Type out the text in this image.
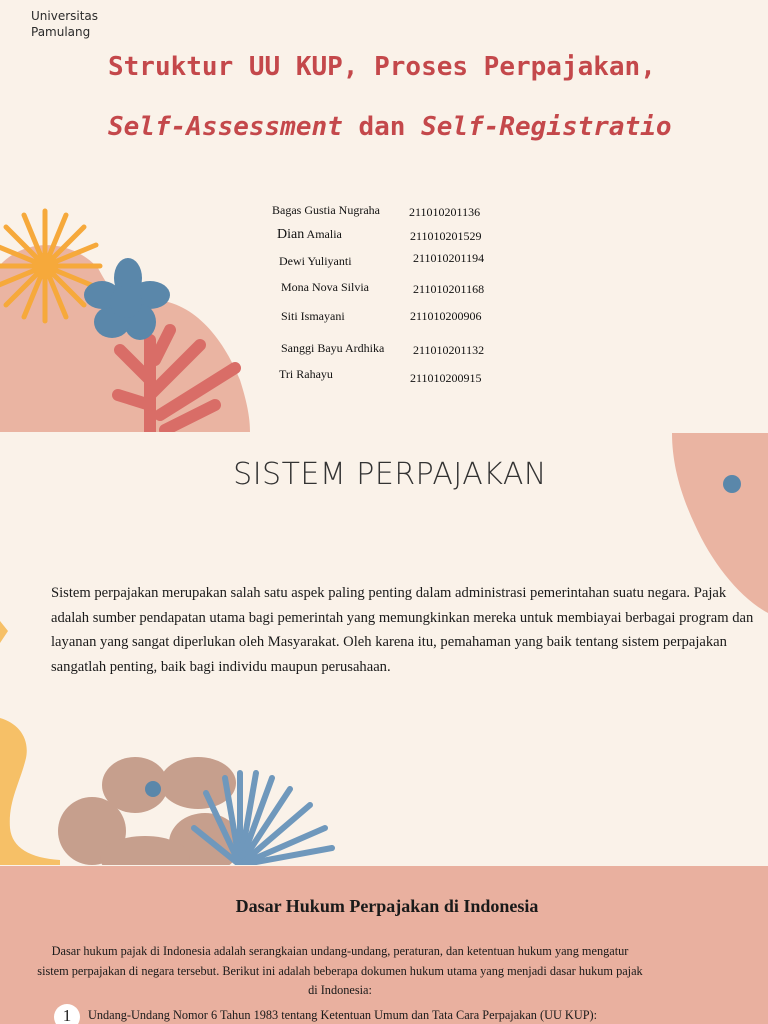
Universitas Pamulang
Struktur UU KUP, Proses Perpajakan,
Self-Assessment dan Self-Registratio
Bagas Gustia Nugraha 211010201136
Dian Amalia	211010201529
Dewi Yuliyanti	211010201194
Mona Nova Silvia	211010201168
Siti Ismayani	211010200906
Sanggi Bayu Ardhika 211010201132
Tri Rahayu	211010200915
SISTEM PERPAJAKAN
Sistem perpajakan merupakan salah satu aspek paling penting dalam administrasi pemerintahan suatu negara. Pajak adalah sumber pendapatan utama bagi pemerintah yang memungkinkan mereka untuk membiayai berbagai program dan layanan yang sangat diperlukan oleh Masyarakat. Oleh karena itu, pemahaman yang baik tentang sistem perpajakan sangatlah penting, baik bagi individu maupun perusahaan.
Dasar Hukum Perpajakan di Indonesia
Dasar hukum pajak di Indonesia adalah serangkaian undang-undang, peraturan, dan ketentuan hukum yang mengatur sistem perpajakan di negara tersebut. Berikut ini adalah beberapa dokumen hukum utama yang menjadi dasar hukum pajak di Indonesia:
1	Undang-Undang Nomor 6 Tahun 1983 tentang Ketentuan Umum dan Tata Cara Perpajakan (UU KUP):
